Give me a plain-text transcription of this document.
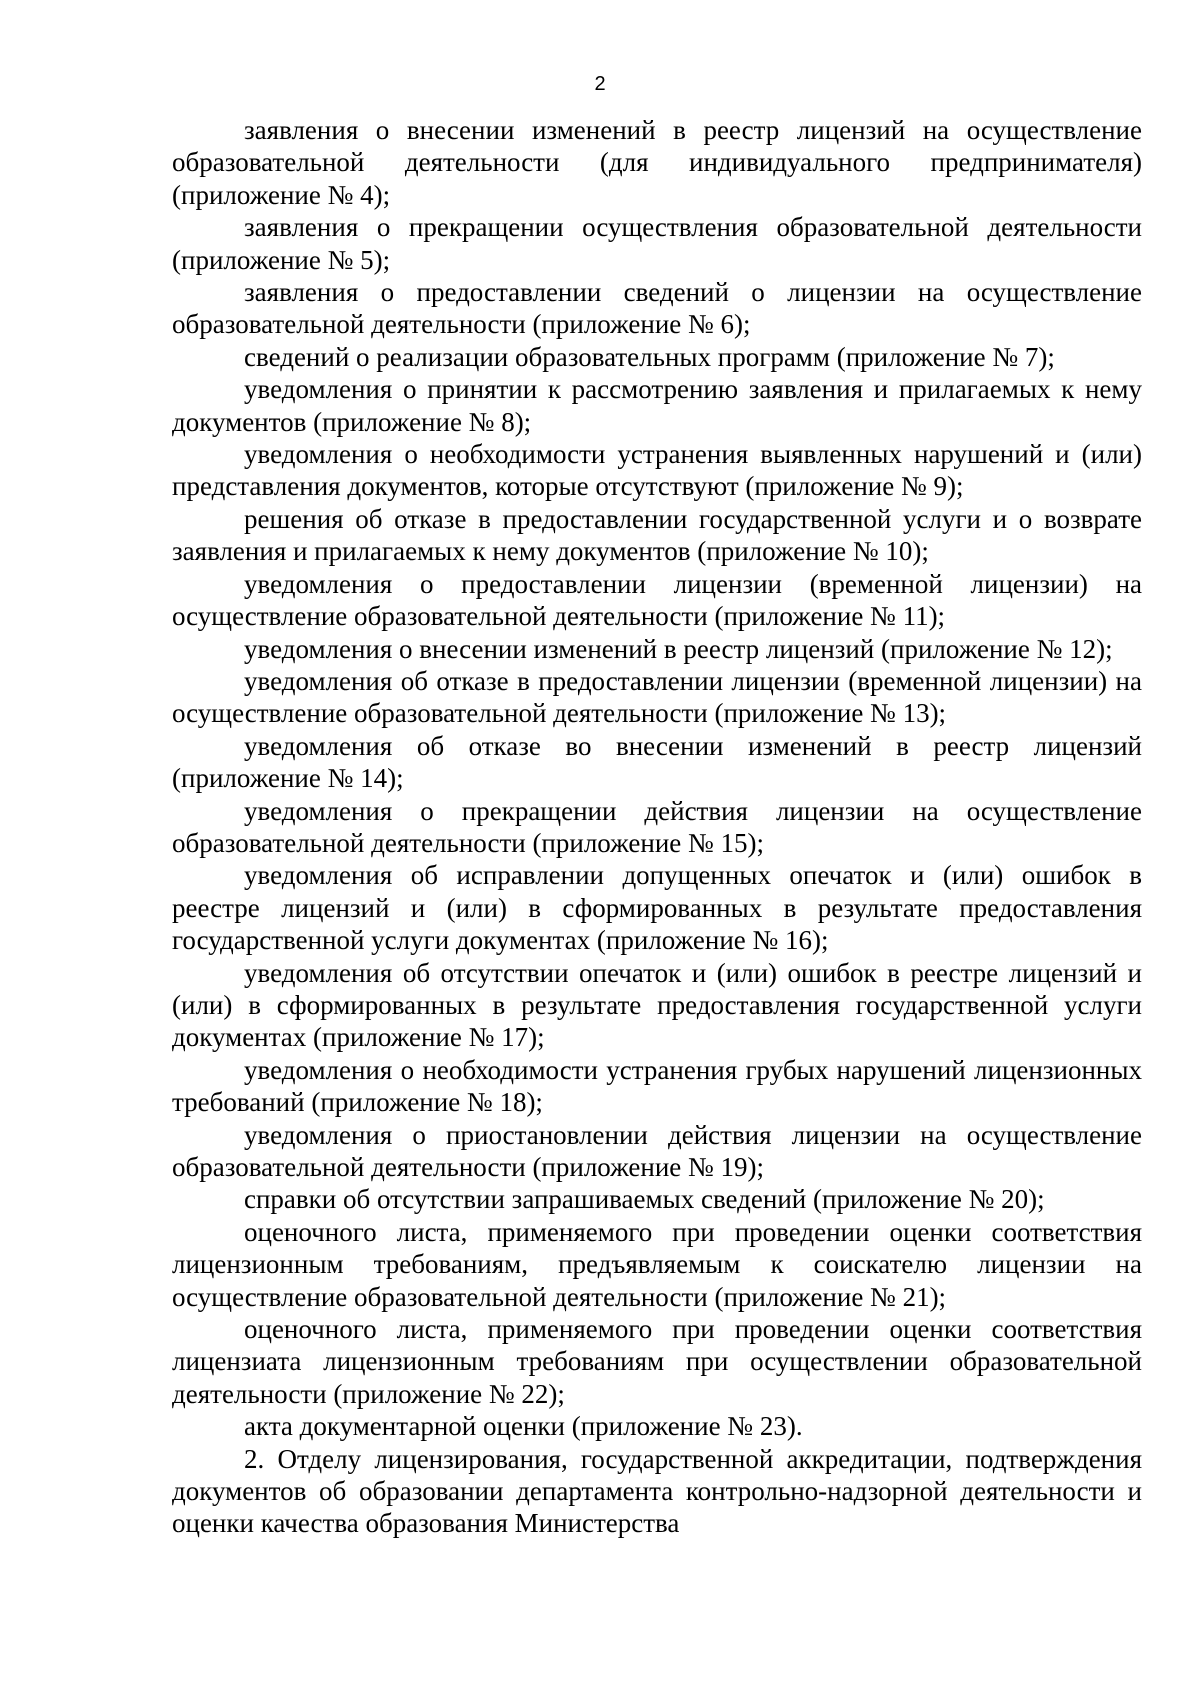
2

заявления о внесении изменений в реестр лицензий на осуществление образовательной деятельности (для индивидуального предпринимателя) (приложение № 4);

заявления о прекращении осуществления образовательной деятельности (приложение № 5);

заявления о предоставлении сведений о лицензии на осуществление образовательной деятельности (приложение № 6);

сведений о реализации образовательных программ (приложение № 7);

уведомления о принятии к рассмотрению заявления и прилагаемых к нему документов (приложение № 8);

уведомления о необходимости устранения выявленных нарушений и (или) представления документов, которые отсутствуют (приложение № 9);

решения об отказе в предоставлении государственной услуги и о возврате заявления и прилагаемых к нему документов (приложение № 10);

уведомления о предоставлении лицензии (временной лицензии) на осуществление образовательной деятельности (приложение № 11);

уведомления о внесении изменений в реестр лицензий (приложение № 12);

уведомления об отказе в предоставлении лицензии (временной лицензии) на осуществление образовательной деятельности (приложение № 13);

уведомления об отказе во внесении изменений в реестр лицензий (приложение № 14);

уведомления о прекращении действия лицензии на осуществление образовательной деятельности (приложение № 15);

уведомления об исправлении допущенных опечаток и (или) ошибок в реестре лицензий и (или) в сформированных в результате предоставления государственной услуги документах (приложение № 16);

уведомления об отсутствии опечаток и (или) ошибок в реестре лицензий и (или) в сформированных в результате предоставления государственной услуги документах (приложение № 17);

уведомления о необходимости устранения грубых нарушений лицензионных требований (приложение № 18);

уведомления о приостановлении действия лицензии на осуществление образовательной деятельности (приложение № 19);

справки об отсутствии запрашиваемых сведений (приложение № 20);

оценочного листа, применяемого при проведении оценки соответствия лицензионным требованиям, предъявляемым к соискателю лицензии на осуществление образовательной деятельности (приложение № 21);

оценочного листа, применяемого при проведении оценки соответствия лицензиата лицензионным требованиям при осуществлении образовательной деятельности (приложение № 22);

акта документарной оценки (приложение № 23).

2. Отделу лицензирования, государственной аккредитации, подтверждения документов об образовании департамента контрольно-надзорной деятельности и оценки качества образования Министерства
